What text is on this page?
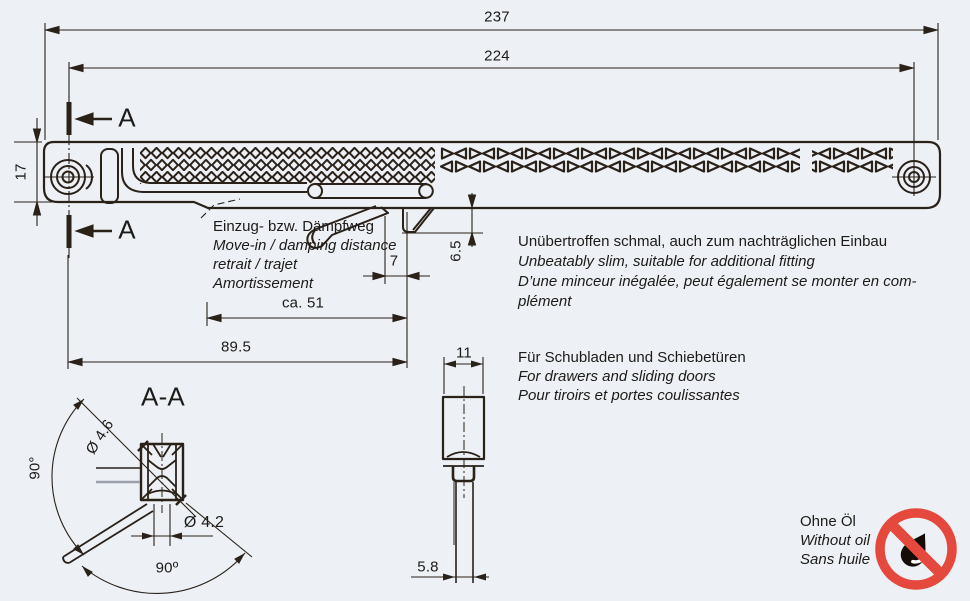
237
224
17
A
A
6.5
7
ca. 51
89.5
A-A
Ø 4.6
Ø 4.2
90°
90º
11
5.8
Einzug- bzw. Dämpfweg
Move-in / damping distance
retrait / trajet
Amortissement
Unübertroffen schmal, auch zum nachträglichen Einbau
Unbeatably slim, suitable for additional fitting
D’une minceur inégalée, peut également se monter en com-
plément
Für Schubladen und Schiebetüren
For drawers and sliding doors
Pour tiroirs et portes coulissantes
Ohne Öl
Without oil
Sans huile
